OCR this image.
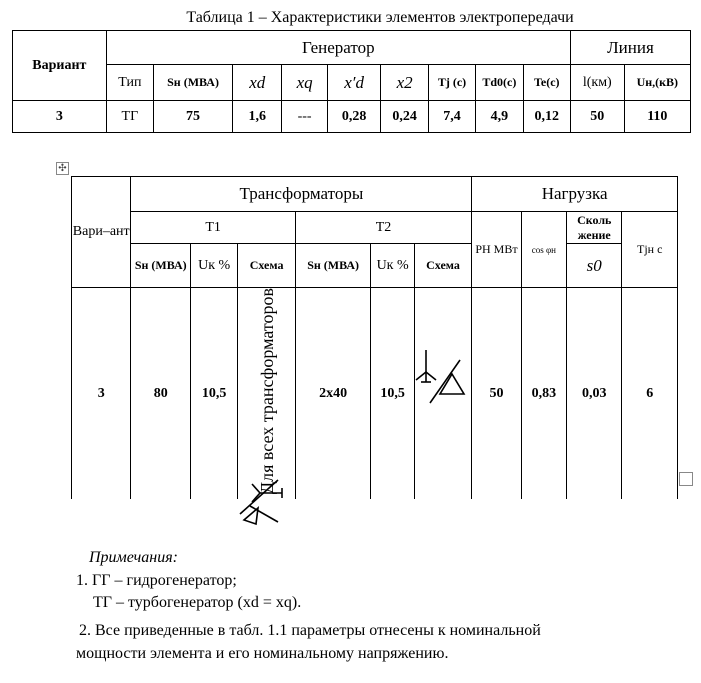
Таблица 1 – Характеристики элементов электропередачи
Вариант	Генератор									Линия	
	Тип	Sн (МВА)	xd	xq	x′d	x2	Tj (c)	Td0(c)	Te(c)	l(км)	Uн,(кВ)
3	ТГ	75	1,6	---	0,28	0,24	7,4	4,9	0,12	50	110
✣
Вари–ант	Трансформаторы						Нагрузка			
	Т1			Т2			PН МВт	cos φн	Сколь жение	Tjн с
	Sн (МВА)	Uк %	Схема	Sн (МВА)	Uк %	Схема			s0	
3	80	10,5	Для всех трансформаторов	2x40	10,5		50	0,83	0,03	6
Примечания:
1. ГГ – гидрогенератор;
ТГ – турбогенератор (xd = xq).
2. Все приведенные в табл. 1.1 параметры отнесены к номинальной
мощности элемента и его номинальному напряжению.
